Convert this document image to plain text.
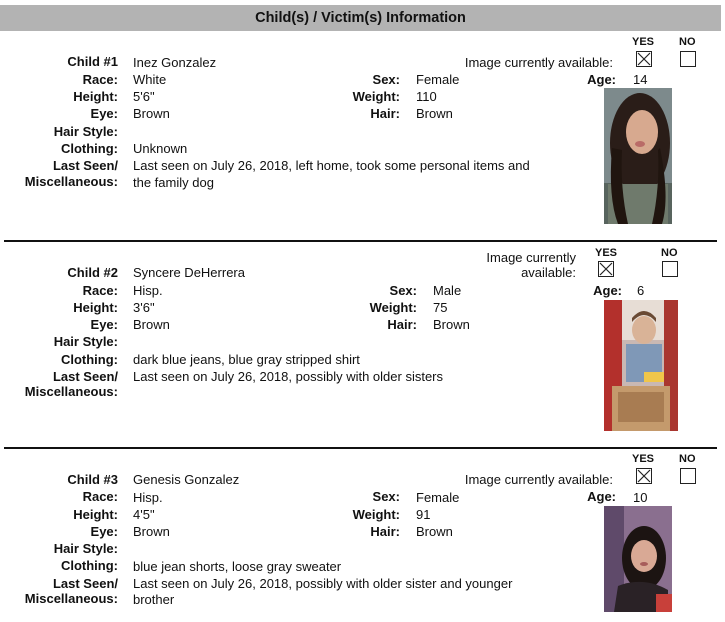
Child(s) / Victim(s) Information
Child #1 Inez Gonzalez	Image currently available:
YES NO
Race: White	Sex: Female	Age: 14
Height: 5'6"	Weight: 110
Eye: Brown	Hair: Brown
Hair Style:
Clothing: Unknown
Last Seen/
Miscellaneous:
Last seen on July 26, 2018, left home, took some personal items and
the family dog
Child #2 Syncere DeHerrera
Image currently
available:
YES	NO
Race: Hisp.	Sex: Male	Age: 6
Height: 3'6"	Weight: 75
Eye: Brown	Hair: Brown
Hair Style:
Clothing: dark blue jeans, blue gray stripped shirt
Last Seen/
Miscellaneous:
Last seen on July 26, 2018, possibly with older sisters
Child #3 Genesis Gonzalez	Image currently available:
YES NO
Race: Hisp.	Sex: Female	Age: 10
Height: 4'5"	Weight: 91
Eye: Brown	Hair: Brown
Hair Style:
Clothing: blue jean shorts, loose gray sweater
Last Seen/
Miscellaneous:
Last seen on July 26, 2018, possibly with older sister and younger
brother
